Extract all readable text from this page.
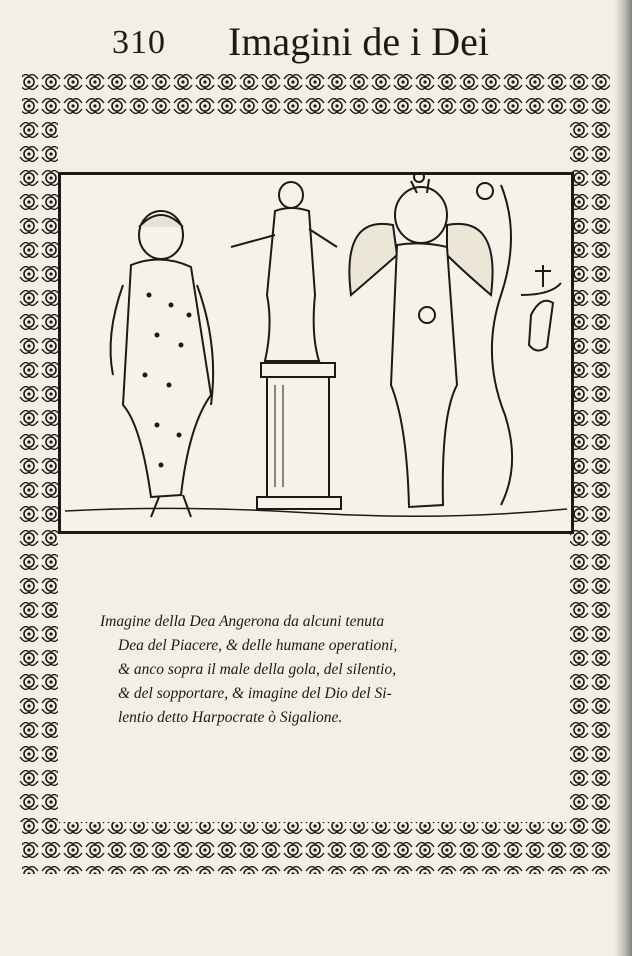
310 Imagini de i Dei
Imagine della Dea Angerona da alcuni tenuta
Dea del Piacere, & delle humane operationi,
& anco sopra il male della gola, del silentio,
& del sopportare, & imagine del Dio del Si-
lentio detto Harpocrate ò Sigalione.
